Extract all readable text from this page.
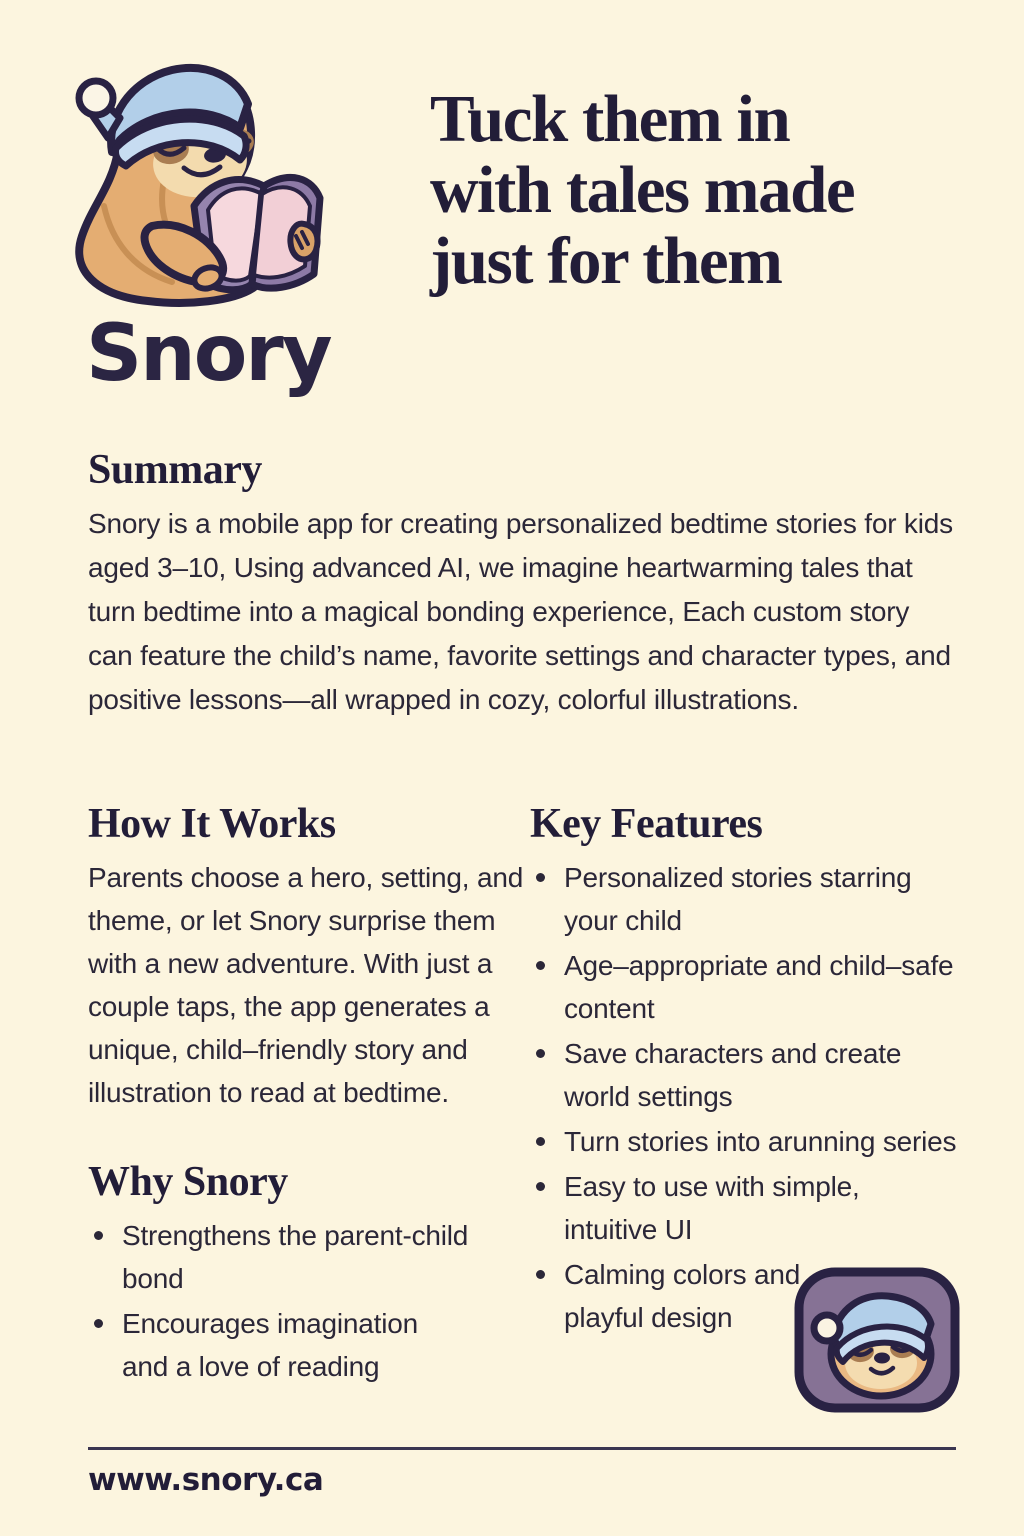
Snory
Tuck them in
with tales made
just for them
Summary

Snory is a mobile app for creating personalized bedtime stories for kids aged 3–10, Using advanced AI, we imagine heartwarming tales that turn bedtime into a magical bonding experience, Each custom story can feature the child’s name, favorite settings and character types, and positive lessons—all wrapped in cozy, colorful illustrations.

How It Works

Parents choose a hero, setting, and theme, or let Snory surprise them with a new adventure. With just a couple taps, the app generates a unique, child–friendly story and illustration to read at bedtime.

Why Snory
Strengthens the parent-child bond
Encourages imagination and a love of reading
Key Features
Personalized stories starring your child
Age–appropriate and child–safe content
Save characters and create world settings
Turn stories into arunning series
Easy to use with simple, intuitive UI
Calming colors and playful design
www.snory.ca
